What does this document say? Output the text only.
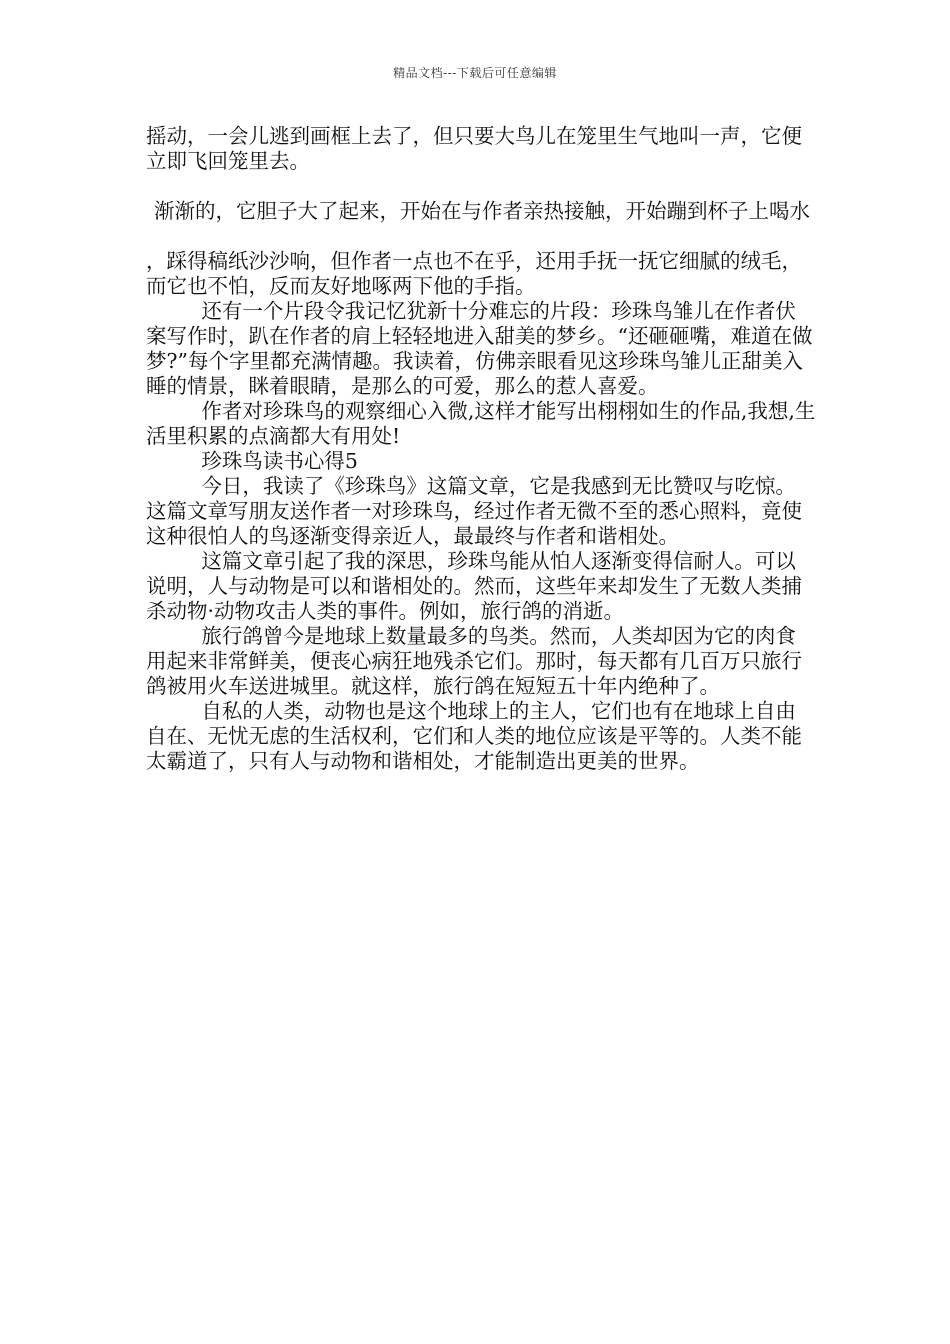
精品文档---下载后可任意编辑

摇动，一会儿逃到画框上去了，但只要大鸟儿在笼里生气地叫一声，它便立即飞回笼里去。

渐渐的，它胆子大了起来，开始在与作者亲热接触，开始蹦到杯子上喝水

，踩得稿纸沙沙响，但作者一点也不在乎，还用手抚一抚它细腻的绒毛，而它也不怕，反而友好地啄两下他的手指。

还有一个片段令我记忆犹新十分难忘的片段：珍珠鸟雏儿在作者伏案写作时，趴在作者的肩上轻轻地进入甜美的梦乡。“还砸砸嘴，难道在做梦?”每个字里都充满情趣。我读着，仿佛亲眼看见这珍珠鸟雏儿正甜美入睡的情景，眯着眼睛，是那么的可爱，那么的惹人喜爱。

作者对珍珠鸟的观察细心入微,这样才能写出栩栩如生的作品,我想,生活里积累的点滴都大有用处!

珍珠鸟读书心得5

今日，我读了《珍珠鸟》这篇文章，它是我感到无比赞叹与吃惊。这篇文章写朋友送作者一对珍珠鸟，经过作者无微不至的悉心照料，竟使这种很怕人的鸟逐渐变得亲近人，最最终与作者和谐相处。

这篇文章引起了我的深思，珍珠鸟能从怕人逐渐变得信耐人。可以说明，人与动物是可以和谐相处的。然而，这些年来却发生了无数人类捕杀动物·动物攻击人类的事件。例如，旅行鸽的消逝。

旅行鸽曾今是地球上数量最多的鸟类。然而，人类却因为它的肉食用起来非常鲜美，便丧心病狂地残杀它们。那时，每天都有几百万只旅行鸽被用火车送进城里。就这样，旅行鸽在短短五十年内绝种了。

自私的人类，动物也是这个地球上的主人，它们也有在地球上自由自在、无忧无虑的生活权利，它们和人类的地位应该是平等的。人类不能太霸道了，只有人与动物和谐相处，才能制造出更美的世界。
